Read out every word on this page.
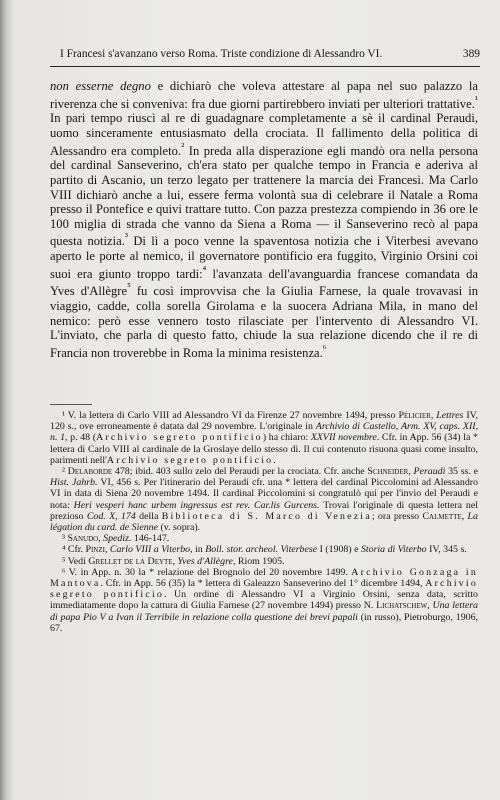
I Francesi s'avanzano verso Roma. Triste condizione di Alessandro VI.	389

non esserne degno e dichiarò che voleva attestare al papa nel suo palazzo la riverenza che si conveniva: fra due giorni partirebbero inviati per ulteriori trattative.$^{^1}$ In pari tempo riuscì al re di guadagnare completamente a sè il cardinal Peraudi, uomo sinceramente entusiasmato della crociata. Il fallimento della politica di Alessandro era completo.$^{^2}$ In preda alla disperazione egli mandò ora nella persona del cardinal Sanseverino, ch'era stato per qualche tempo in Francia e aderiva al partito di Ascanio, un terzo legato per trattenere la marcia dei Francesi. Ma Carlo VIII dichiarò anche a lui, essere ferma volontà sua di celebrare il Natale a Roma presso il Pontefice e quivi trattare tutto. Con pazza prestezza compiendo in 36 ore le 100 miglia di strada che vanno da Siena a Roma — il Sanseverino recò al papa questa notizia.$^{^3}$ Di lì a poco venne la spaventosa notizia che i Viterbesi avevano aperto le porte al nemico, il governatore pontificio era fuggito, Virginio Orsini coi suoi era giunto troppo tardi:$^{^4}$ l'avanzata dell'avanguardia francese comandata da Yves d'Allègre$^{^5}$ fu così improvvisa che la Giulia Farnese, la quale trovavasi in viaggio, cadde, colla sorella Girolama e la suocera Adriana Mila, in mano del nemico: però esse vennero tosto rilasciate per l'intervento di Alessandro VI. L'inviato, che parla di questo fatto, chiude la sua relazione dicendo che il re di Francia non troverebbe in Roma la minima resistenza.$^{^6}$

¹ V. la lettera di Carlo VIII ad Alessandro VI da Firenze 27 novembre 1494, presso Pélicier, Lettres IV, 120 s., ove erroneamente è datata dal 29 novembre. L'originale in Archivio di Castello, Arm. XV, caps. XII, n. 1, p. 48 (Archivio segreto pontificio) ha chiaro: XXVII novembre. Cfr. in App. 56 (34) la * lettera di Carlo VIII al cardinale de la Groslaye dello stesso dì. Il cui contenuto risuona quasi come insulto, parimenti nell'Archivio segreto pontificio.

² Delaborde 478; ibid. 403 sullo zelo del Peraudi per la crociata. Cfr. anche Schneider, Peraudi 35 ss. e Hist. Jahrb. VI, 456 s. Per l'itinerario del Peraudi cfr. una * lettera del cardinal Piccolomini ad Alessandro VI in data di Siena 20 novembre 1494. Il cardinal Piccolomini si congratulò qui per l'invio del Peraudi e nota: Heri vesperi hanc urbem ingressus est rev. Car.lis Gurcens. Trovai l'originale di questa lettera nel prezioso Cod. X, 174 della Biblioteca di S. Marco di Venezia; ora presso Calmette, La légation du card. de Sienne (v. sopra).

³ Sanudo, Spediz. 146-147.

⁴ Cfr. Pinzi, Carlo VIII a Viterbo, in Boll. stor. archeol. Viterbese I (1908) e Storia di Viterbo IV, 345 s.

⁵ Vedi Grellet de la Deyte, Yves d'Allègre, Riom 1905.

⁶ V. in App. n. 30 la * relazione del Brognolo del 20 novembre 1499. Archivio Gonzaga in Mantova. Cfr. in App. 56 (35) la * lettera di Galeazzo Sanseverino del 1° dicembre 1494, Archivio segreto pontificio. Un ordine di Alessandro VI a Virginio Orsini, senza data, scritto immediatamente dopo la cattura di Giulia Farnese (27 novembre 1494) presso N. Lichatschew, Una lettera di papa Pio V a Ivan il Terribile in relazione colla questione dei brevi papali (in russo), Pietroburgo, 1906, 67.
